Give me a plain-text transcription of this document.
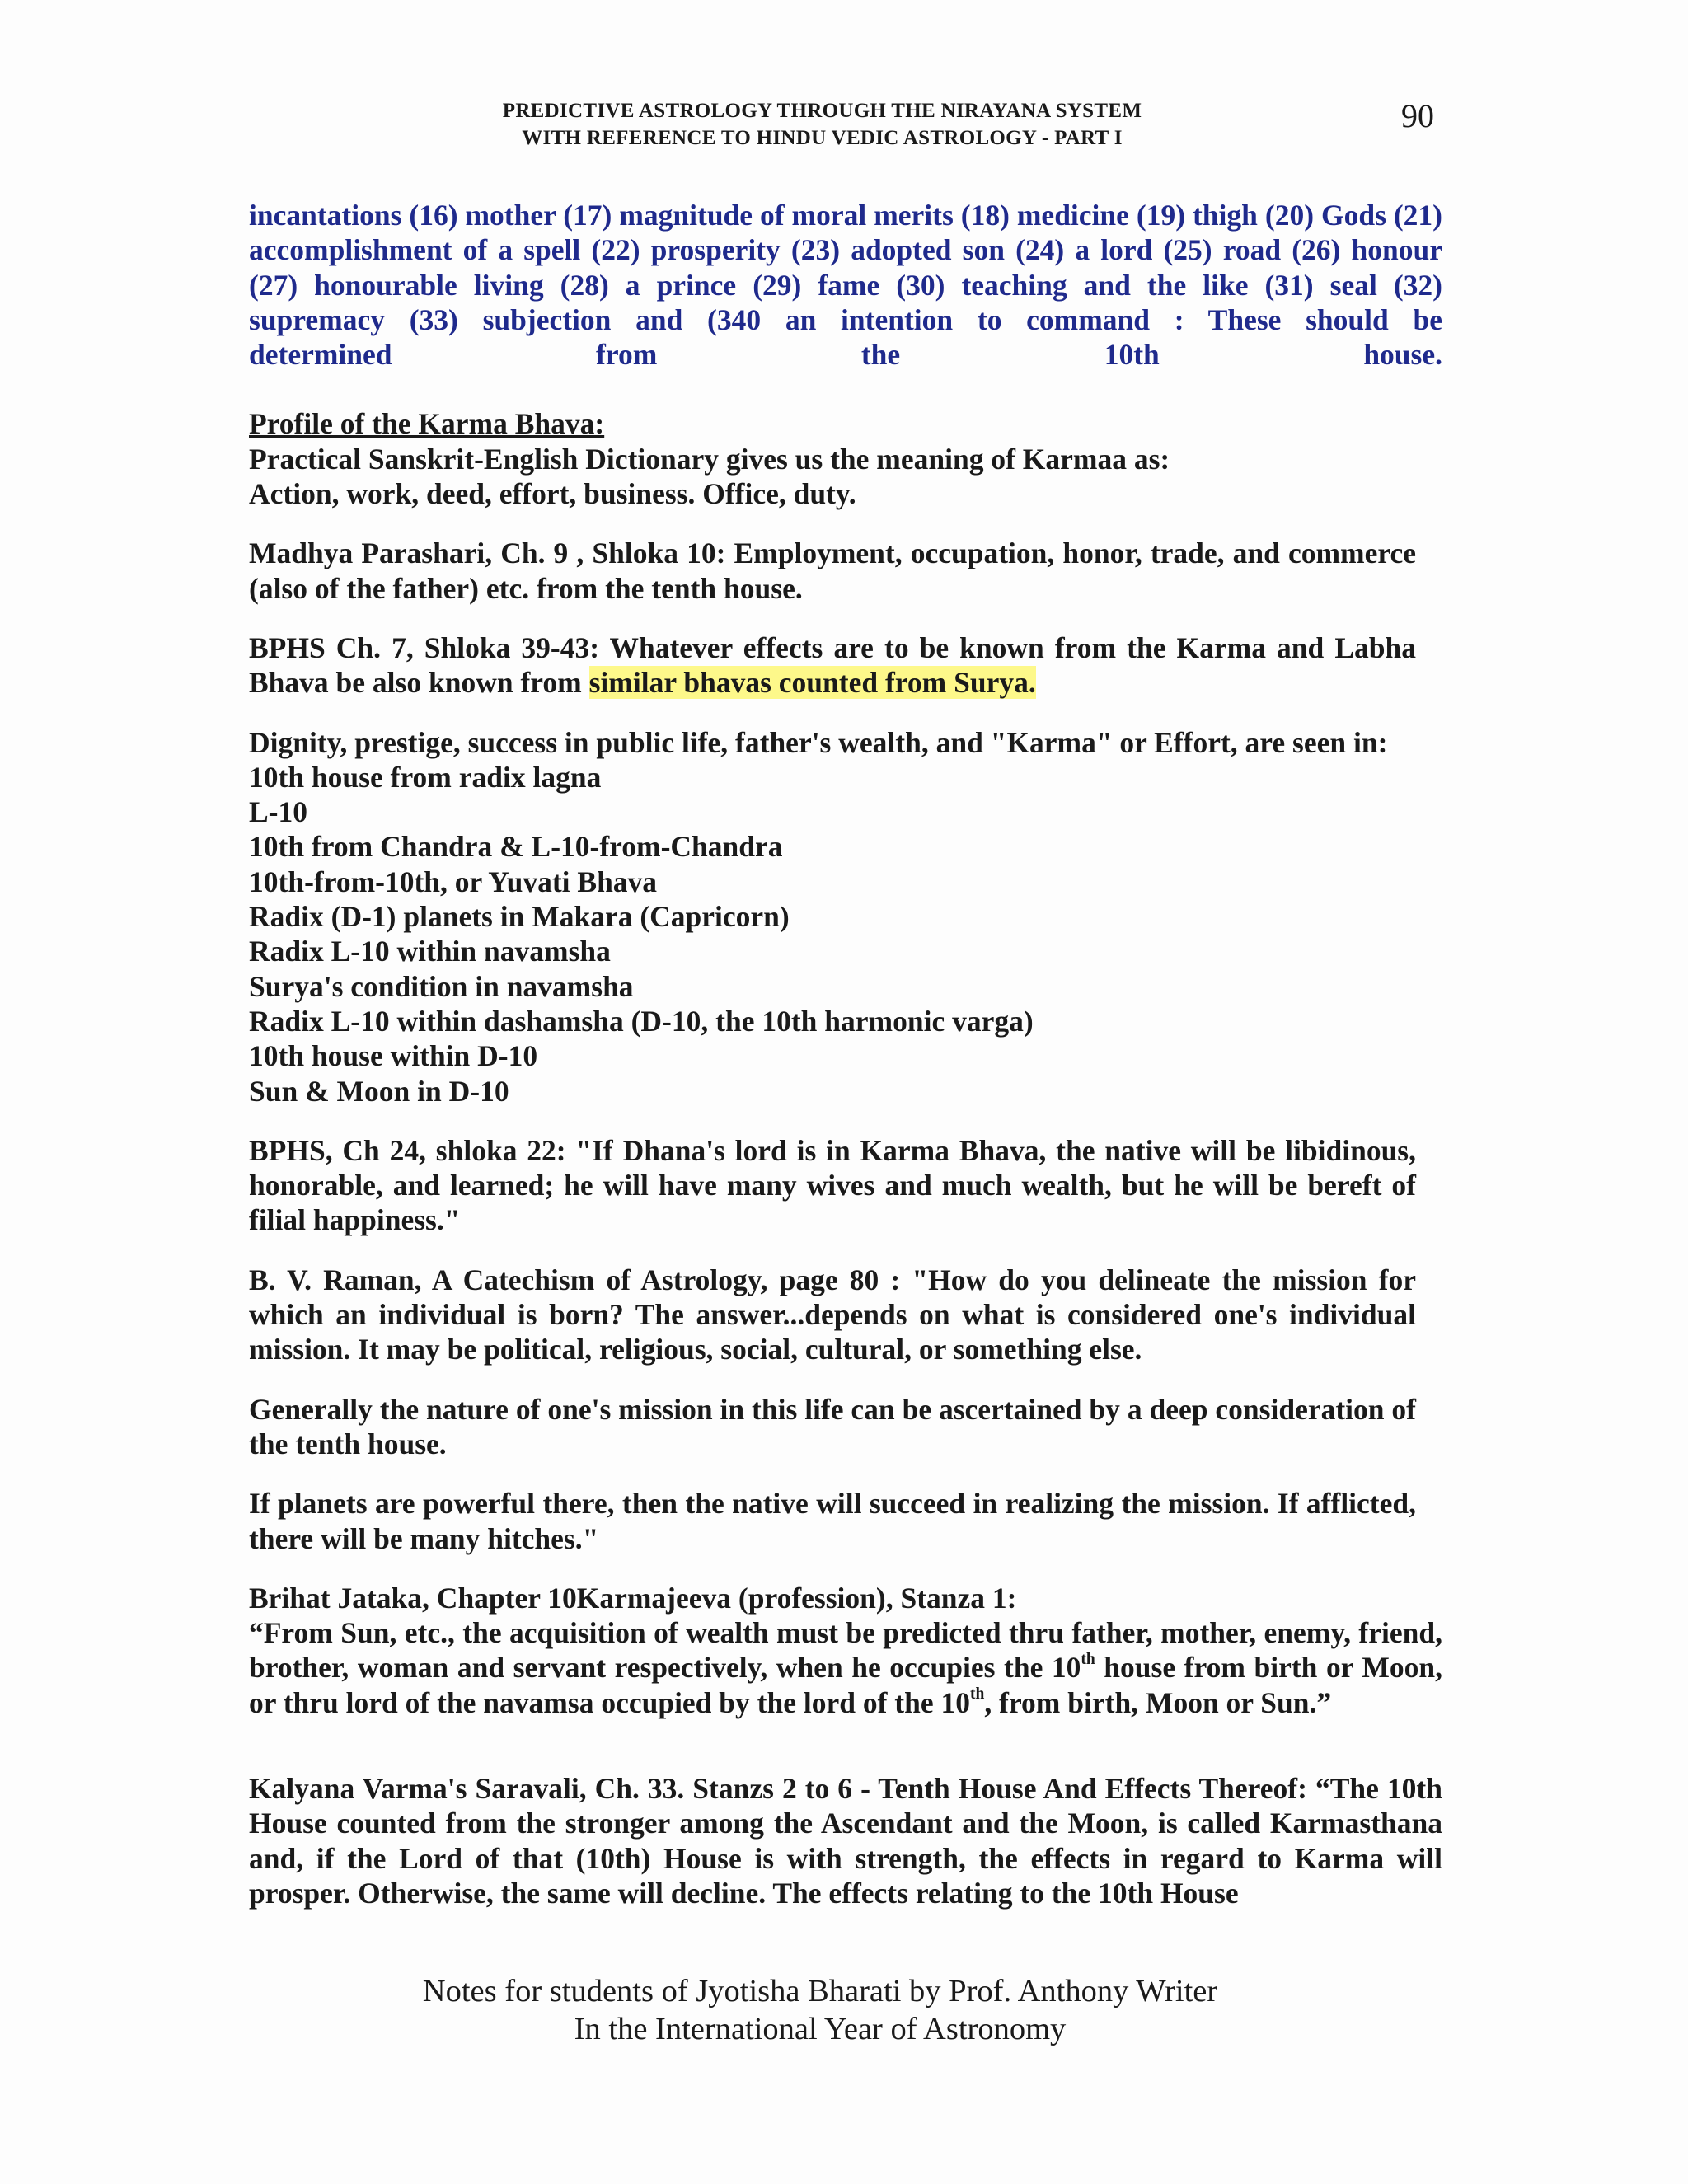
PREDICTIVE ASTROLOGY THROUGH THE NIRAYANA SYSTEM
WITH REFERENCE TO HINDU VEDIC ASTROLOGY - PART I
90

incantations (16) mother (17) magnitude of moral merits (18) medicine (19) thigh (20) Gods (21) accomplishment of a spell (22) prosperity (23) adopted son (24) a lord (25) road (26) honour (27) honourable living (28) a prince (29) fame (30) teaching and the like (31) seal (32) supremacy (33) subjection and (340 an intention to command : These should be

determined	from	the	10th	house.
Profile of the Karma Bhava:
Practical Sanskrit-English Dictionary gives us the meaning of Karmaa as:
Action, work, deed, effort, business. Office, duty.

Madhya Parashari, Ch. 9 , Shloka 10: Employment, occupation, honor, trade, and commerce (also of the father) etc. from the tenth house.

BPHS Ch. 7, Shloka 39-43: Whatever effects are to be known from the Karma and Labha Bhava be also known from similar bhavas counted from Surya.

Dignity, prestige, success in public life, father's wealth, and "Karma" or Effort, are seen in:

10th house from radix lagna
L-10
10th from Chandra & L-10-from-Chandra
10th-from-10th, or Yuvati Bhava
Radix (D-1) planets in Makara (Capricorn)
Radix L-10 within navamsha
Surya's condition in navamsha
Radix L-10 within dashamsha (D-10, the 10th harmonic varga)
10th house within D-10
Sun & Moon in D-10

BPHS, Ch 24, shloka 22: "If Dhana's lord is in Karma Bhava, the native will be libidinous, honorable, and learned; he will have many wives and much wealth, but he will be bereft of filial happiness."

B. V. Raman, A Catechism of Astrology, page 80 : "How do you delineate the mission for which an individual is born? The answer...depends on what is considered one's individual mission. It may be political, religious, social, cultural, or something else.

Generally the nature of one's mission in this life can be ascertained by a deep consideration of the tenth house.

If planets are powerful there, then the native will succeed in realizing the mission. If afflicted, there will be many hitches."

Brihat Jataka, Chapter 10Karmajeeva (profession), Stanza 1:

“From Sun, etc., the acquisition of wealth must be predicted thru father, mother, enemy, friend, brother, woman and servant respectively, when he occupies the 10th house from birth or Moon, or thru lord of the navamsa occupied by the lord of the 10th, from birth, Moon or Sun.”

Kalyana Varma's Saravali, Ch. 33. Stanzs 2 to 6 - Tenth House And Effects Thereof: “The 10th House counted from the stronger among the Ascendant and the Moon, is called Karmasthana and, if the Lord of that (10th) House is with strength, the effects in regard to Karma will prosper. Otherwise, the same will decline. The effects relating to the 10th House

Notes for students of Jyotisha Bharati by Prof. Anthony Writer
In the International Year of Astronomy
